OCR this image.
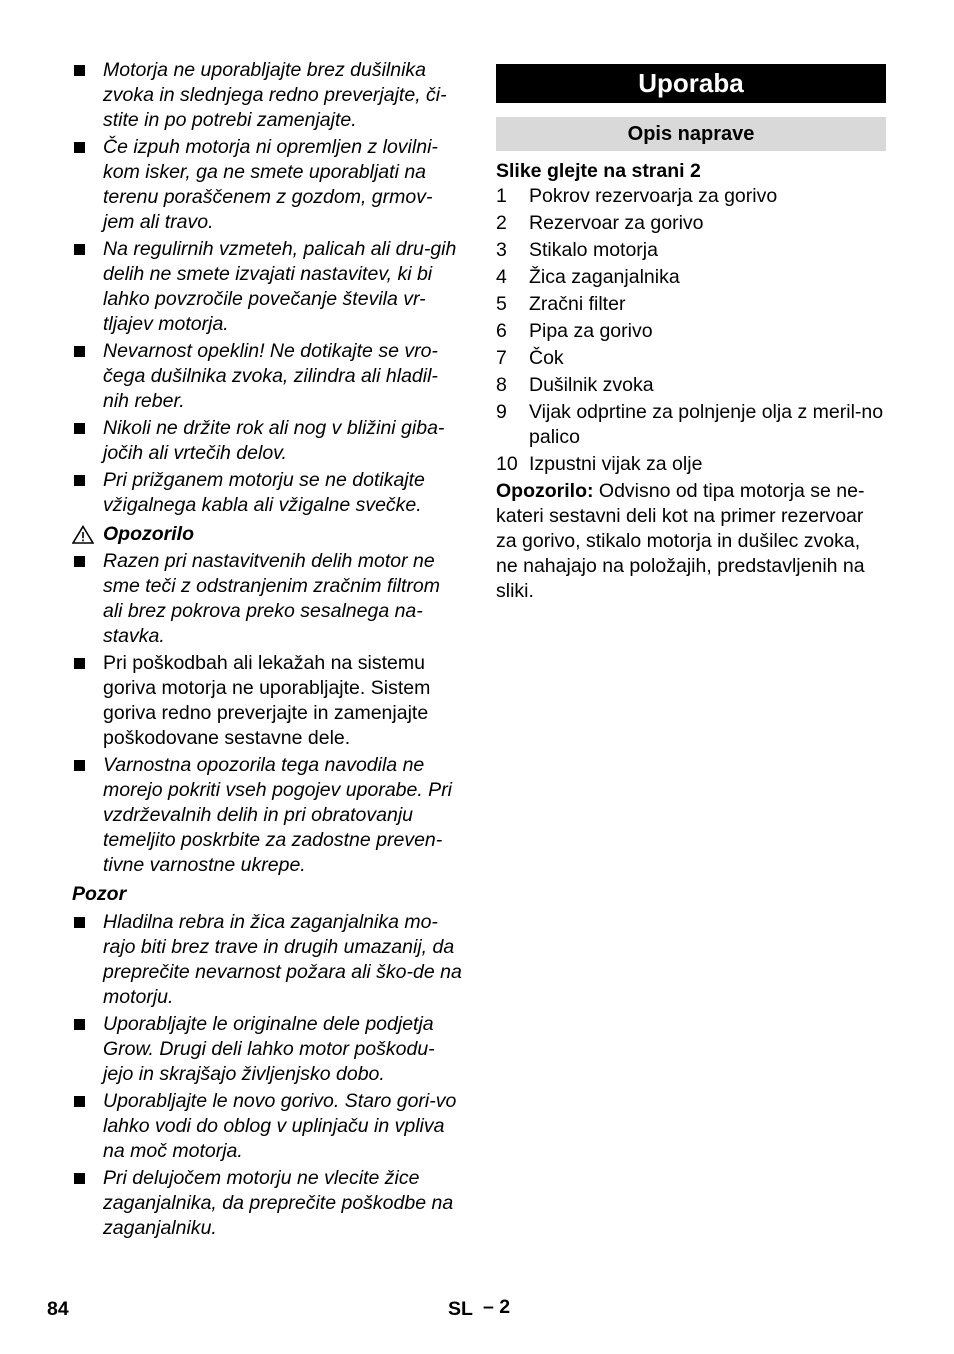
Motorja ne uporabljajte brez dušilnika zvoka in slednjega redno preverjajte, či-stite in po potrebi zamenjajte.
Če izpuh motorja ni opremljen z lovilni-kom isker, ga ne smete uporabljati na terenu poraščenem z gozdom, grmov-jem ali travo.
Na regulirnih vzmeteh, palicah ali dru-gih delih ne smete izvajati nastavitev, ki bi lahko povzročile povečanje števila vr-tljajev motorja.
Nevarnost opeklin! Ne dotikajte se vro-čega dušilnika zvoka, zilindra ali hladil-nih reber.
Nikoli ne držite rok ali nog v bližini giba-jočih ali vrtečih delov.
Pri prižganem motorju se ne dotikajte vžigalnega kabla ali vžigalne svečke.
Opozorilo
Razen pri nastavitvenih delih motor ne sme teči z odstranjenim zračnim filtrom ali brez pokrova preko sesalnega na-stavka.
Pri poškodbah ali lekažah na sistemu goriva motorja ne uporabljajte. Sistem goriva redno preverjajte in zamenjajte poškodovane sestavne dele.
Varnostna opozorila tega navodila ne morejo pokriti vseh pogojev uporabe. Pri vzdrževalnih delih in pri obratovanju temeljito poskrbite za zadostne preven-tivne varnostne ukrepe.
Pozor
Hladilna rebra in žica zaganjalnika mo-rajo biti brez trave in drugih umazanij, da preprečite nevarnost požara ali ško-de na motorju.
Uporabljajte le originalne dele podjetja Grow. Drugi deli lahko motor poškodu-jejo in skrajšajo življenjsko dobo.
Uporabljajte le novo gorivo. Staro gori-vo lahko vodi do oblog v uplinjaču in vpliva na moč motorja.
Pri delujočem motorju ne vlecite žice zaganjalnika, da preprečite poškodbe na zaganjalniku.
Uporaba
Opis naprave
Slike glejte na strani 2
1 Pokrov rezervoarja za gorivo
2 Rezervoar za gorivo
3 Stikalo motorja
4 Žica zaganjalnika
5 Zračni filter
6 Pipa za gorivo
7 Čok
8 Dušilnik zvoka
9 Vijak odprtine za polnjenje olja z meril-no palico
10 Izpustni vijak za olje
Opozorilo: Odvisno od tipa motorja se ne-kateri sestavni deli kot na primer rezervoar za gorivo, stikalo motorja in dušilec zvoka, ne nahajajo na položajih, predstavljenih na sliki.
84	SL – 2
